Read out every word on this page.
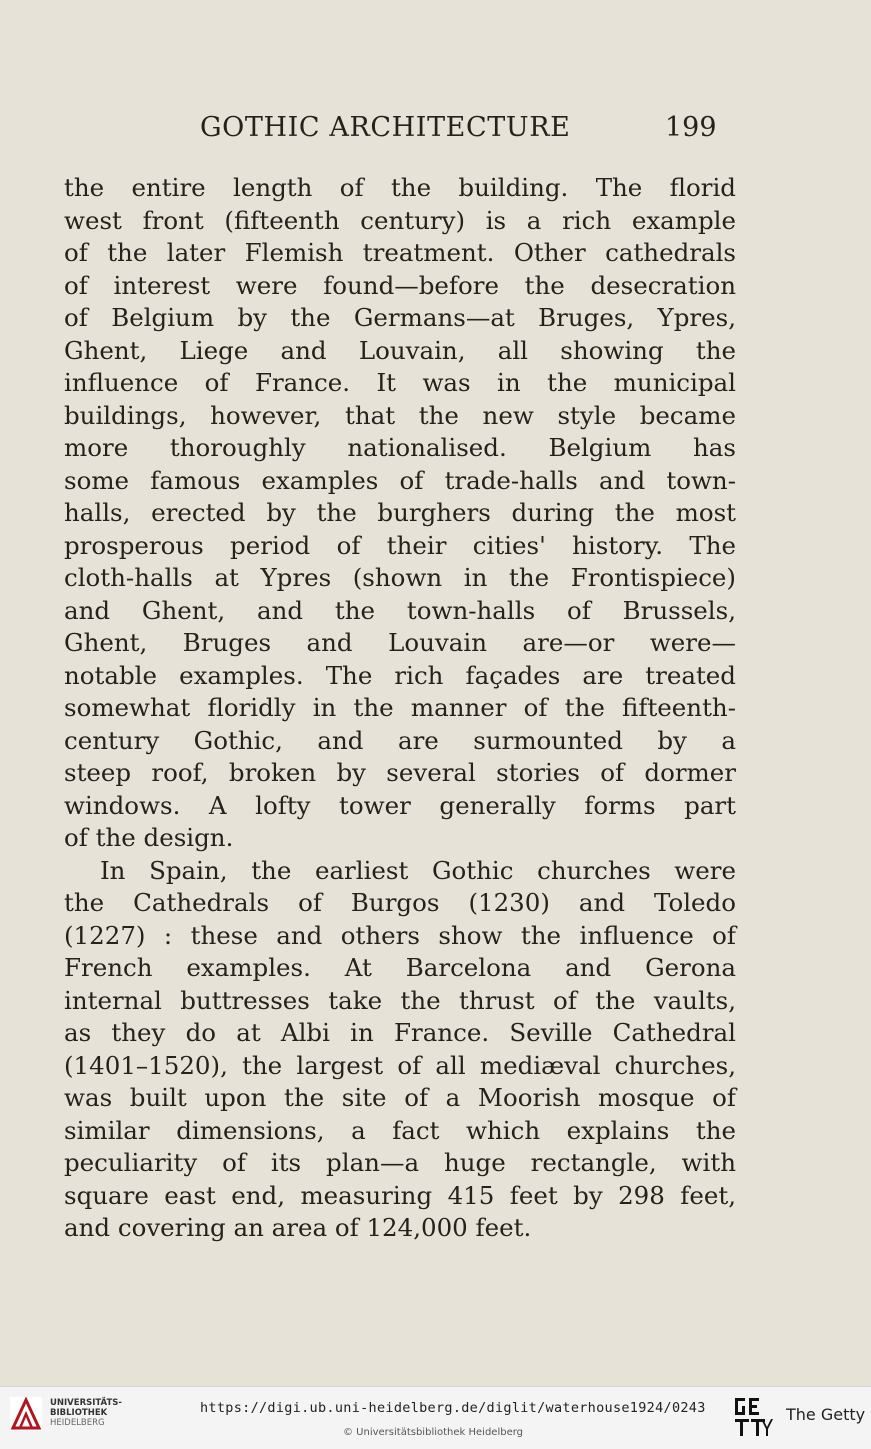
GOTHIC ARCHITECTURE	199
the entire length of the building. The florid
west front (fifteenth century) is a rich example
of the later Flemish treatment. Other cathedrals
of interest were found—before the desecration
of Belgium by the Germans—at Bruges, Ypres,
Ghent, Liege and Louvain, all showing the
influence of France. It was in the municipal
buildings, however, that the new style became
more thoroughly nationalised. Belgium has
some famous examples of trade-halls and town-
halls, erected by the burghers during the most
prosperous period of their cities' history. The
cloth-halls at Ypres (shown in the Frontispiece)
and Ghent, and the town-halls of Brussels,
Ghent, Bruges and Louvain are—or were—
notable examples. The rich façades are treated
somewhat floridly in the manner of the fifteenth-
century Gothic, and are surmounted by a
steep roof, broken by several stories of dormer
windows. A lofty tower generally forms part
of the design.
In Spain, the earliest Gothic churches were
the Cathedrals of Burgos (1230) and Toledo
(1227) : these and others show the influence of
French examples. At Barcelona and Gerona
internal buttresses take the thrust of the vaults,
as they do at Albi in France. Seville Cathedral
(1401–1520), the largest of all mediæval churches,
was built upon the site of a Moorish mosque of
similar dimensions, a fact which explains the
peculiarity of its plan—a huge rectangle, with
square east end, measuring 415 feet by 298 feet,
and covering an area of 124,000 feet.
UNIVERSITÄTS-
BIBLIOTHEK
HEIDELBERG
https://digi.ub.uni-heidelberg.de/diglit/waterhouse1924/0243
© Universitätsbibliothek Heidelberg
The Getty
